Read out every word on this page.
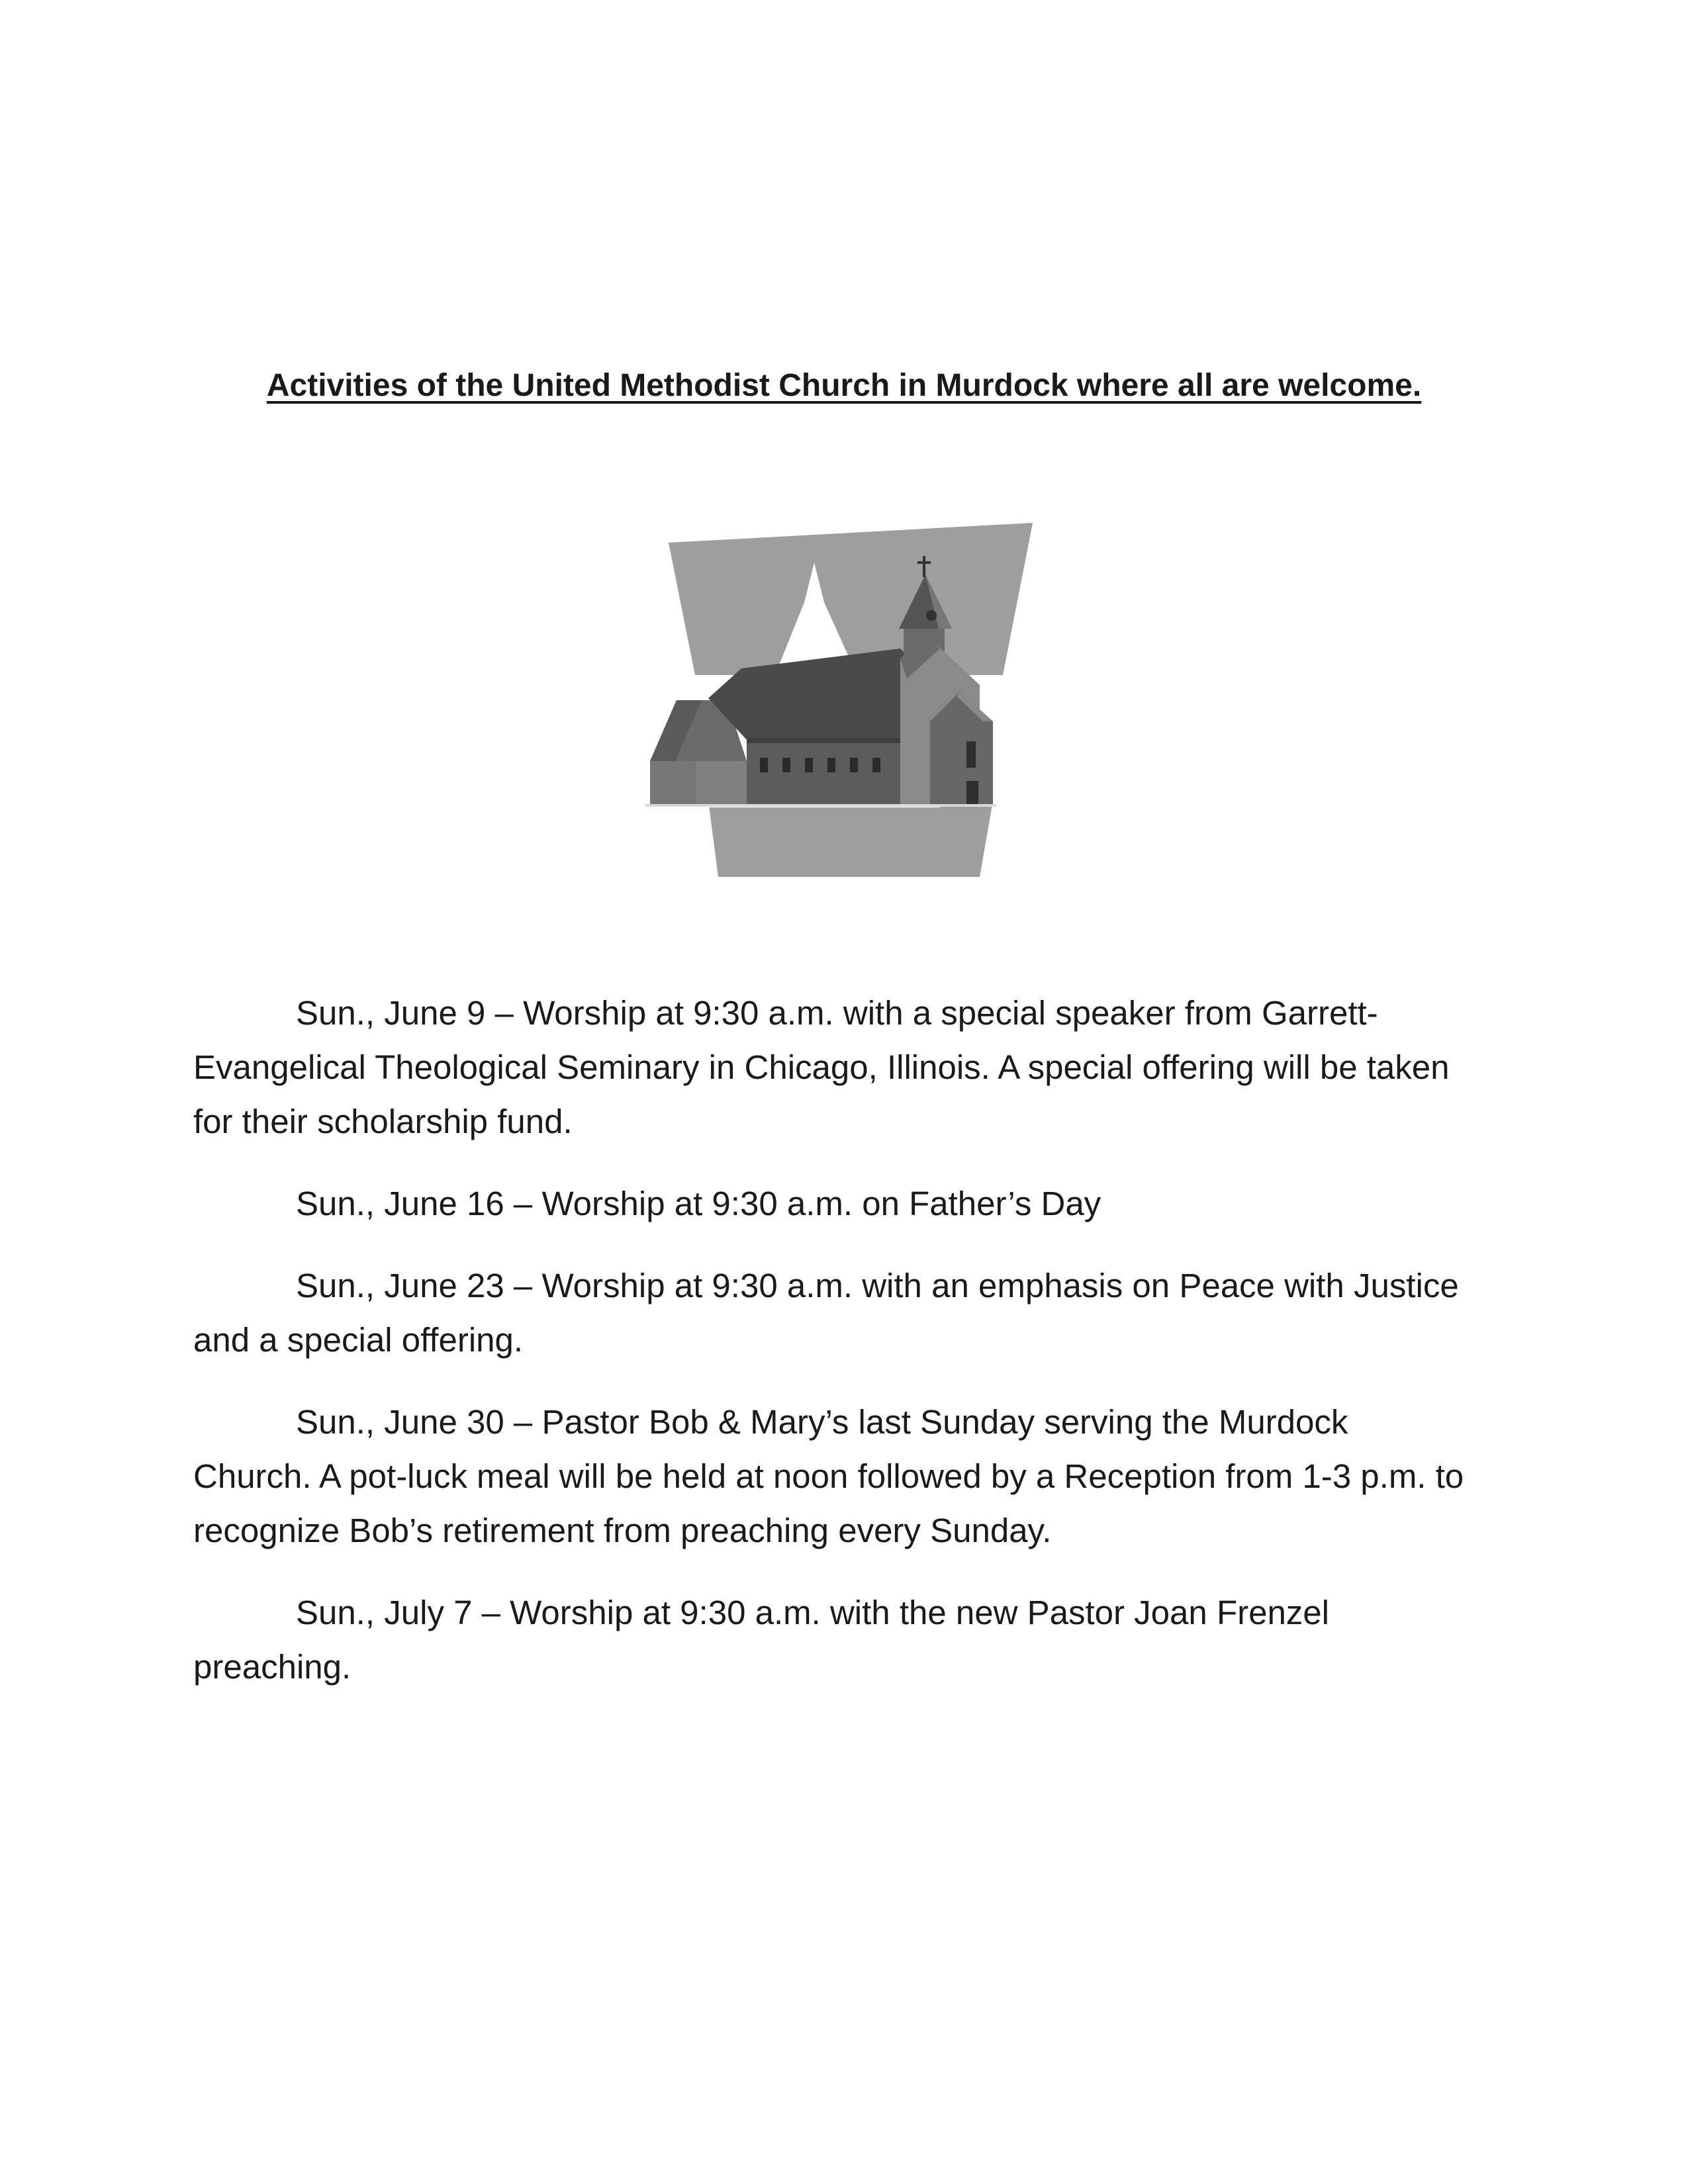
Activities of the United Methodist Church in Murdock where all are welcome.

Sun., June 9 – Worship at 9:30 a.m. with a special speaker from Garrett-Evangelical Theological Seminary in Chicago, Illinois. A special offering will be taken for their scholarship fund.

Sun., June 16 – Worship at 9:30 a.m. on Father’s Day

Sun., June 23 – Worship at 9:30 a.m. with an emphasis on Peace with Justice and a special offering.

Sun., June 30 – Pastor Bob & Mary’s last Sunday serving the Murdock Church. A pot-luck meal will be held at noon followed by a Reception from 1-3 p.m. to recognize Bob’s retirement from preaching every Sunday.

Sun., July 7 – Worship at 9:30 a.m. with the new Pastor Joan Frenzel preaching.
